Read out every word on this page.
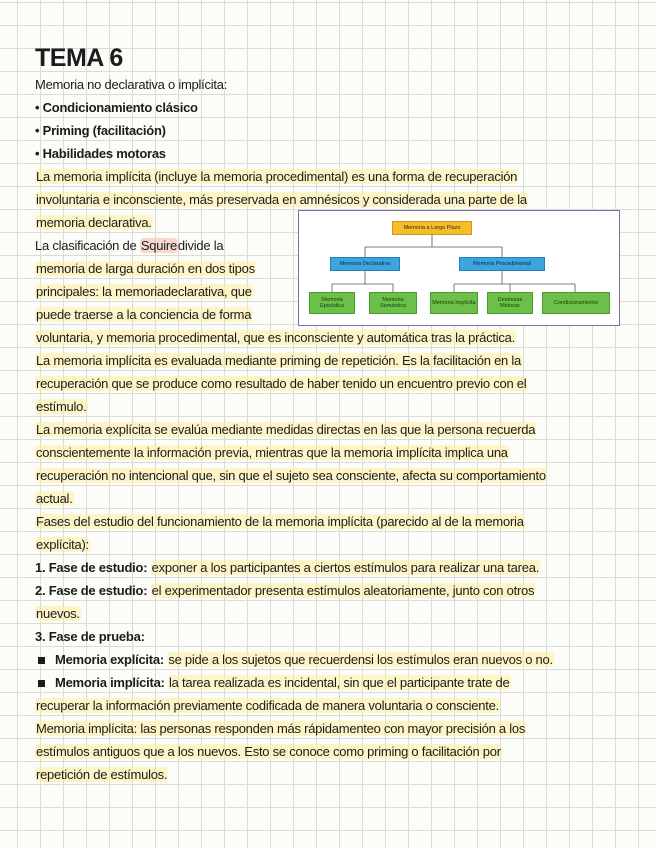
TEMA 6
Memoria no declarativa o implícita:
• Condicionamiento clásico
• Priming (facilitación)
• Habilidades motoras
La memoria implícita (incluye la memoria procedimental) es una forma de recuperación
involuntaria e inconsciente, más preservada en amnésicos y considerada una parte de la
memoria declarativa.
La clasificación de Squiredivide la
memoria de larga duración en dos tipos
principales: la memoriadeclarativa, que
puede traerse a la conciencia de forma
voluntaria, y memoria procedimental, que es inconsciente y automática tras la práctica.
Memoria a Largo Plazo
Memoria Declarativa	Memoria Procedimental
Memoria Episódica
Memoria Semántica	Memoria Implícita	Destrezas Motoras	Condicionamiento
La memoria implícita es evaluada mediante priming de repetición. Es la facilitación en la
recuperación que se produce como resultado de haber tenido un encuentro previo con el
estímulo.
La memoria explícita se evalúa mediante medidas directas en las que la persona recuerda
conscientemente la información previa, mientras que la memoria implícita implica una
recuperación no intencional que, sin que el sujeto sea consciente, afecta su comportamiento
actual.
Fases del estudio del funcionamiento de la memoria implícita (parecido al de la memoria
explícita):
1. Fase de estudio: exponer a los participantes a ciertos estímulos para realizar una tarea.
2. Fase de estudio: el experimentador presenta estímulos aleatoriamente, junto con otros
nuevos.
3. Fase de prueba:
Memoria explícita: se pide a los sujetos que recuerdensi los estímulos eran nuevos o no.
Memoria implícita: la tarea realizada es incidental, sin que el participante trate de
recuperar la información previamente codificada de manera voluntaria o consciente.
Memoria implícita: las personas responden más rápidamenteo con mayor precisión a los
estímulos antiguos que a los nuevos. Esto se conoce como priming o facilitación por
repetición de estímulos.
